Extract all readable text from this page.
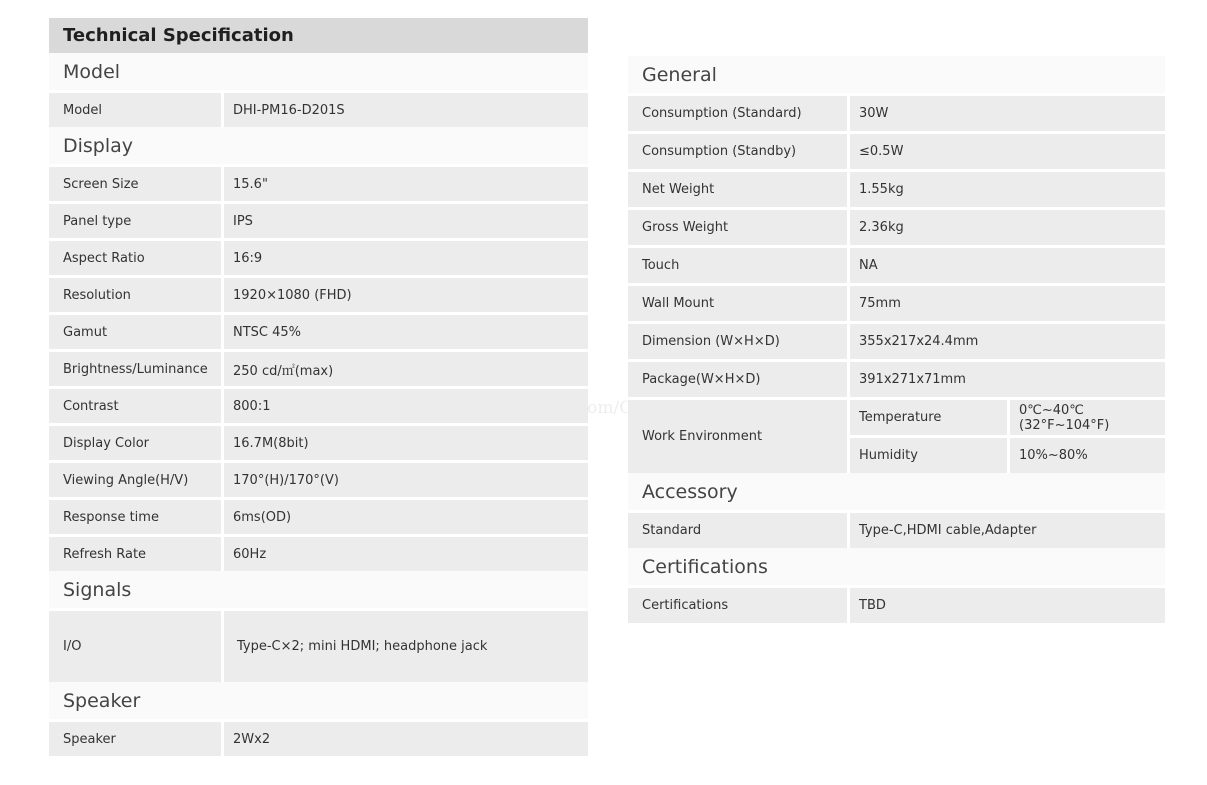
Technical Specification
Model
Model	DHI-PM16-D201S
Display
Screen Size	15.6"
Panel type	IPS
Aspect Ratio	16:9
Resolution	1920×1080 (FHD)
Gamut	NTSC 45%
Brightness/Luminance	250 cd/㎡(max)
Contrast	800:1
Display Color	16.7M(8bit)
Viewing Angle(H/V)	170°(H)/170°(V)
Response time	6ms(OD)
Refresh Rate	60Hz
Signals
I/O	Type-C×2; mini HDMI; headphone jack
Speaker
Speaker	2Wx2
General
Consumption (Standard)	30W
Consumption (Standby)	≤0.5W
Net Weight	1.55kg
Gross Weight	2.36kg
Touch	NA
Wall Mount	75mm
Dimension (W×H×D)	355x217x24.4mm
Package(W×H×D)	391x271x71mm
Work Environment
Temperature	0℃~40℃ (32°F~104°F)
Humidity	10%~80%
Accessory
Standard	Type-C,HDMI cable,Adapter
Certifications
Certifications	TBD
www.khmer24.com/CKComputer
